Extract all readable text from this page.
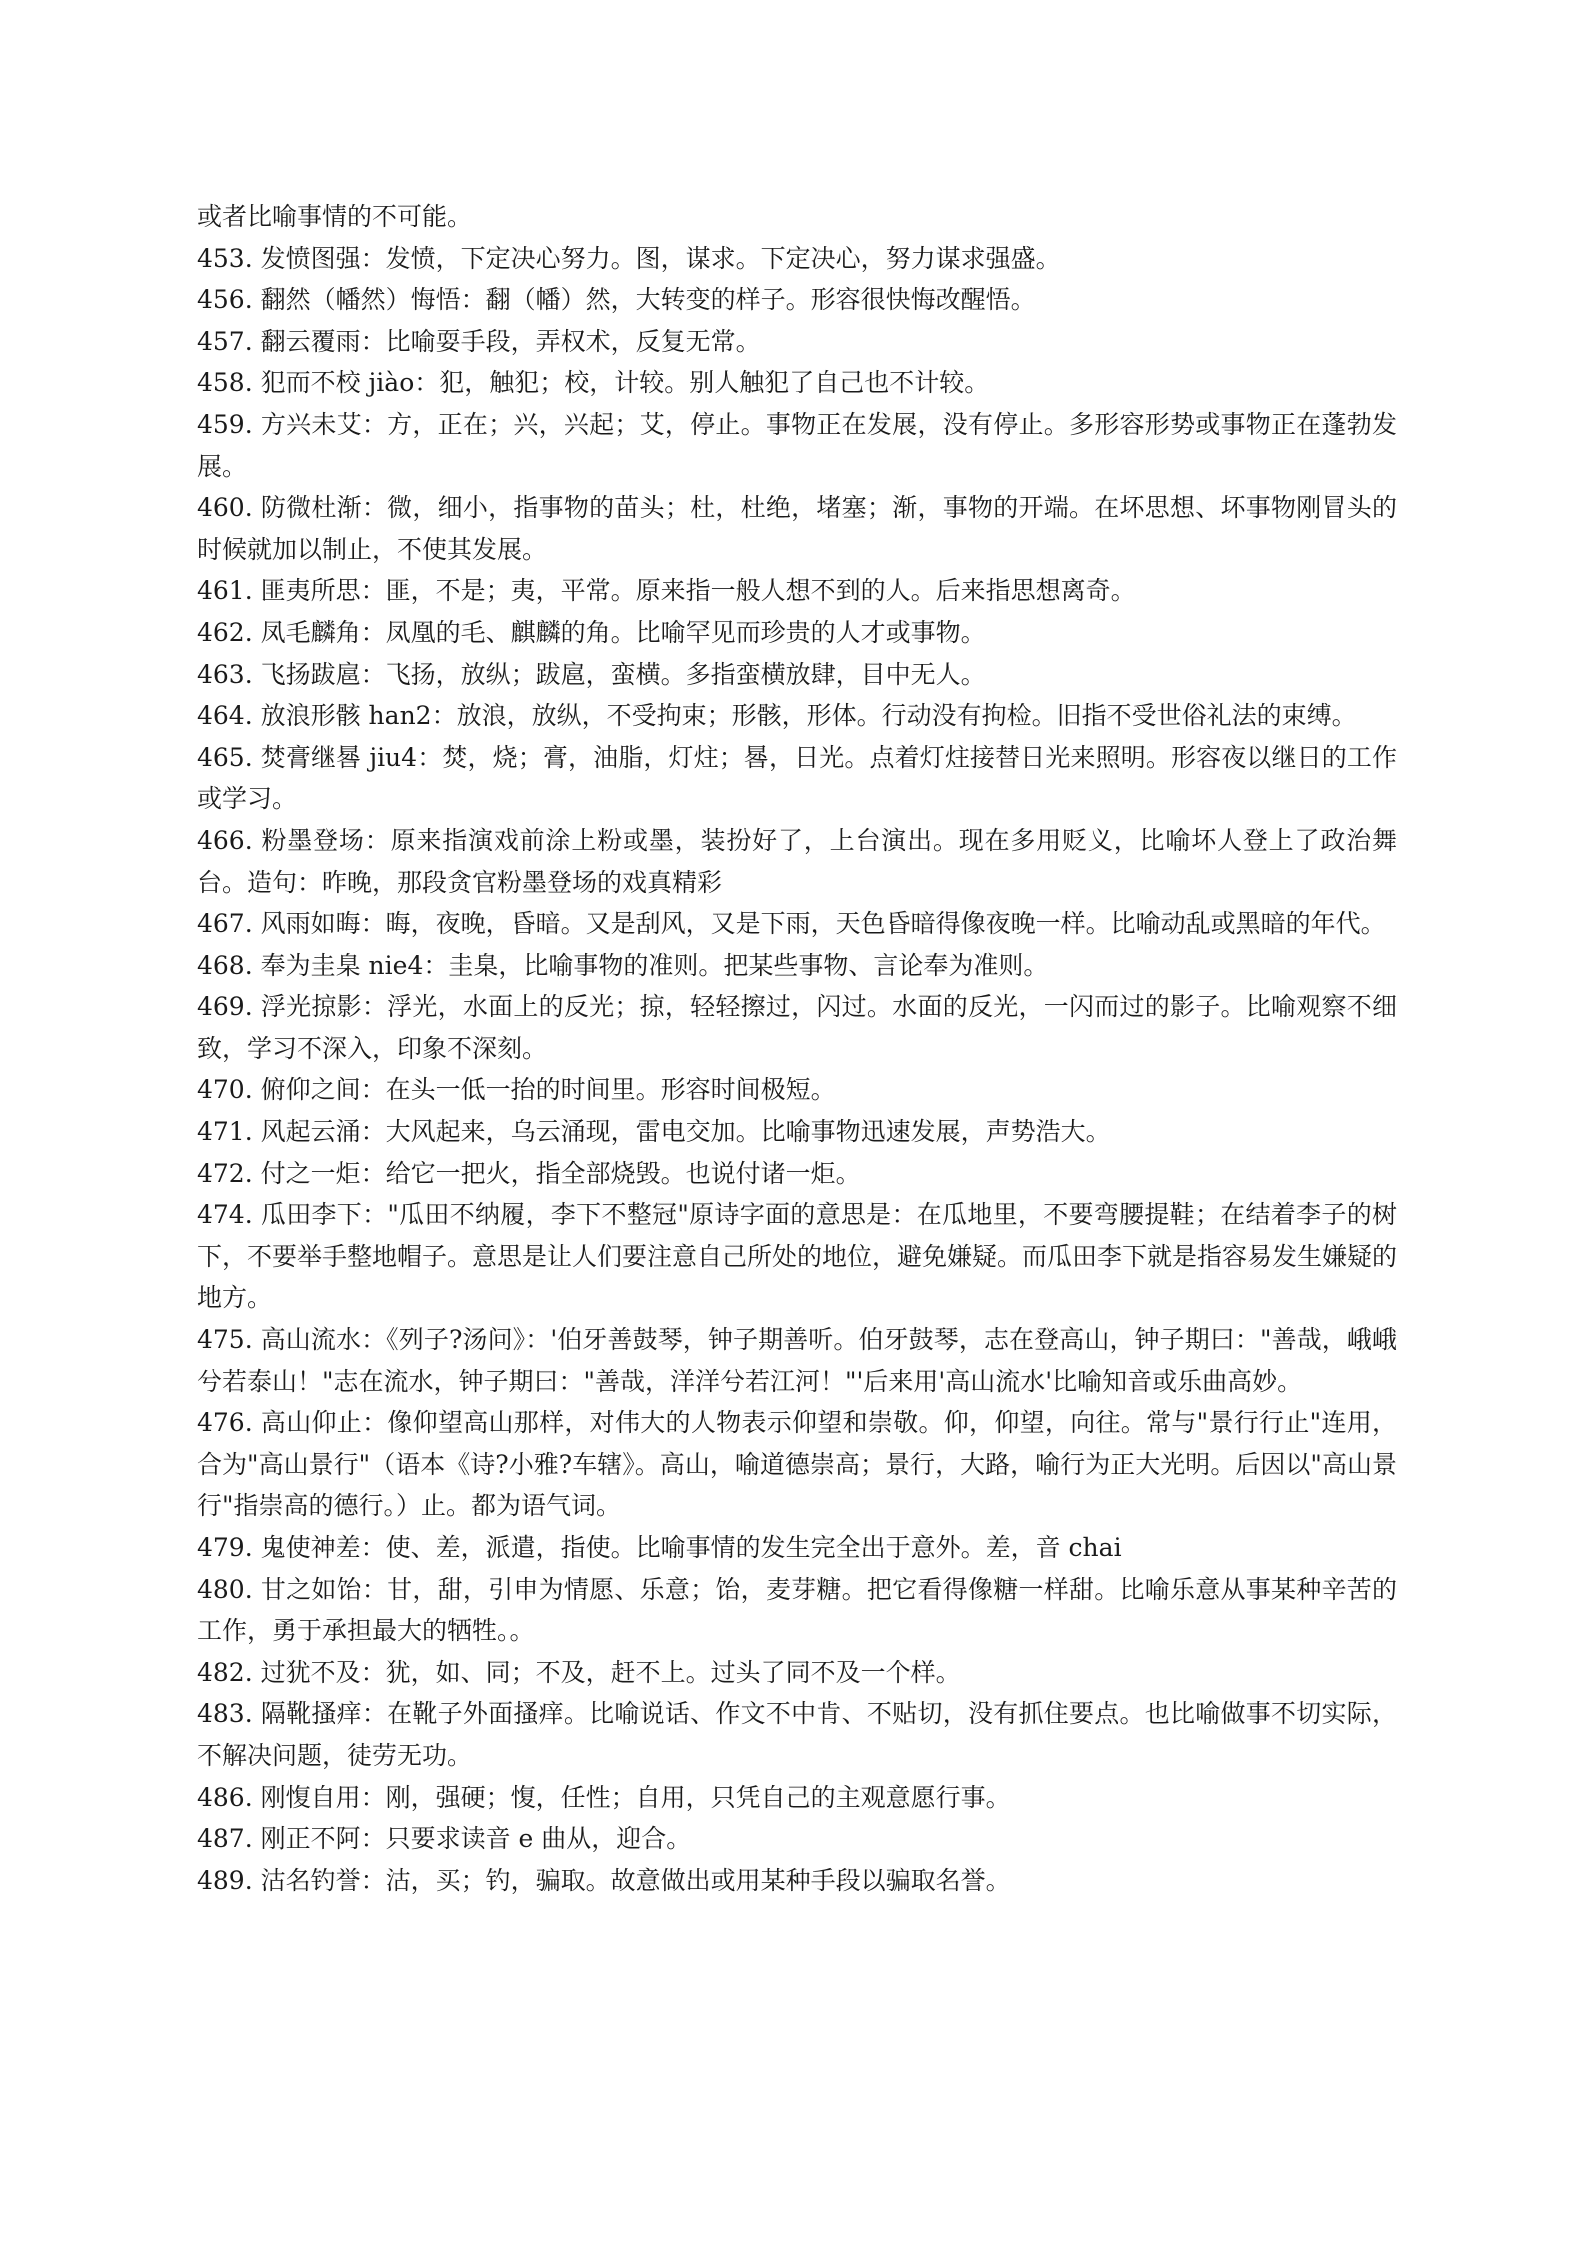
或者比喻事情的不可能。

453. 发愤图强：发愤，下定决心努力。图，谋求。下定决心，努力谋求强盛。

456. 翻然（幡然）悔悟：翻（幡）然，大转变的样子。形容很快悔改醒悟。

457. 翻云覆雨：比喻耍手段，弄权术，反复无常。

458. 犯而不校 jiào：犯，触犯；校，计较。别人触犯了自己也不计较。

459. 方兴未艾：方，正在；兴，兴起；艾，停止。事物正在发展，没有停止。多形容形势或事物正在蓬勃发展。

460. 防微杜渐：微，细小，指事物的苗头；杜，杜绝，堵塞；渐，事物的开端。在坏思想、坏事物刚冒头的时候就加以制止，不使其发展。

461. 匪夷所思：匪，不是；夷，平常。原来指一般人想不到的人。后来指思想离奇。

462. 凤毛麟角：凤凰的毛、麒麟的角。比喻罕见而珍贵的人才或事物。

463. 飞扬跋扈：飞扬，放纵；跋扈，蛮横。多指蛮横放肆，目中无人。

464. 放浪形骸 han2：放浪，放纵，不受拘束；形骸，形体。行动没有拘检。旧指不受世俗礼法的束缚。

465. 焚膏继晷 jiu4：焚，烧；膏，油脂，灯炷；晷，日光。点着灯炷接替日光来照明。形容夜以继日的工作或学习。

466. 粉墨登场：原来指演戏前涂上粉或墨，装扮好了，上台演出。现在多用贬义，比喻坏人登上了政治舞台。造句：昨晚，那段贪官粉墨登场的戏真精彩

467. 风雨如晦：晦，夜晚，昏暗。又是刮风，又是下雨，天色昏暗得像夜晚一样。比喻动乱或黑暗的年代。

468. 奉为圭臬 nie4：圭臬，比喻事物的准则。把某些事物、言论奉为准则。

469. 浮光掠影：浮光，水面上的反光；掠，轻轻擦过，闪过。水面的反光，一闪而过的影子。比喻观察不细致，学习不深入，印象不深刻。

470. 俯仰之间：在头一低一抬的时间里。形容时间极短。

471. 风起云涌：大风起来，乌云涌现，雷电交加。比喻事物迅速发展，声势浩大。

472. 付之一炬：给它一把火，指全部烧毁。也说付诸一炬。

474. 瓜田李下："瓜田不纳履，李下不整冠"原诗字面的意思是：在瓜地里，不要弯腰提鞋；在结着李子的树下，不要举手整地帽子。意思是让人们要注意自己所处的地位，避免嫌疑。而瓜田李下就是指容易发生嫌疑的地方。

475. 高山流水：《列子?汤问》：'伯牙善鼓琴，钟子期善听。伯牙鼓琴，志在登高山，钟子期曰："善哉，峨峨兮若泰山！"志在流水，钟子期曰："善哉，洋洋兮若江河！"'后来用'高山流水'比喻知音或乐曲高妙。

476. 高山仰止：像仰望高山那样，对伟大的人物表示仰望和崇敬。仰，仰望，向往。常与"景行行止"连用，合为"高山景行"（语本《诗?小雅?车辖》。高山，喻道德崇高；景行，大路，喻行为正大光明。后因以"高山景行"指崇高的德行。）止。都为语气词。

479. 鬼使神差：使、差，派遣，指使。比喻事情的发生完全出于意外。差，音 chai

480. 甘之如饴：甘，甜，引申为情愿、乐意；饴，麦芽糖。把它看得像糖一样甜。比喻乐意从事某种辛苦的工作，勇于承担最大的牺牲。。

482. 过犹不及：犹，如、同；不及，赶不上。过头了同不及一个样。

483. 隔靴搔痒：在靴子外面搔痒。比喻说话、作文不中肯、不贴切，没有抓住要点。也比喻做事不切实际，不解决问题，徒劳无功。

486. 刚愎自用：刚，强硬；愎，任性；自用，只凭自己的主观意愿行事。

487. 刚正不阿：只要求读音 e 曲从，迎合。

489. 沽名钓誉：沽，买；钓，骗取。故意做出或用某种手段以骗取名誉。
